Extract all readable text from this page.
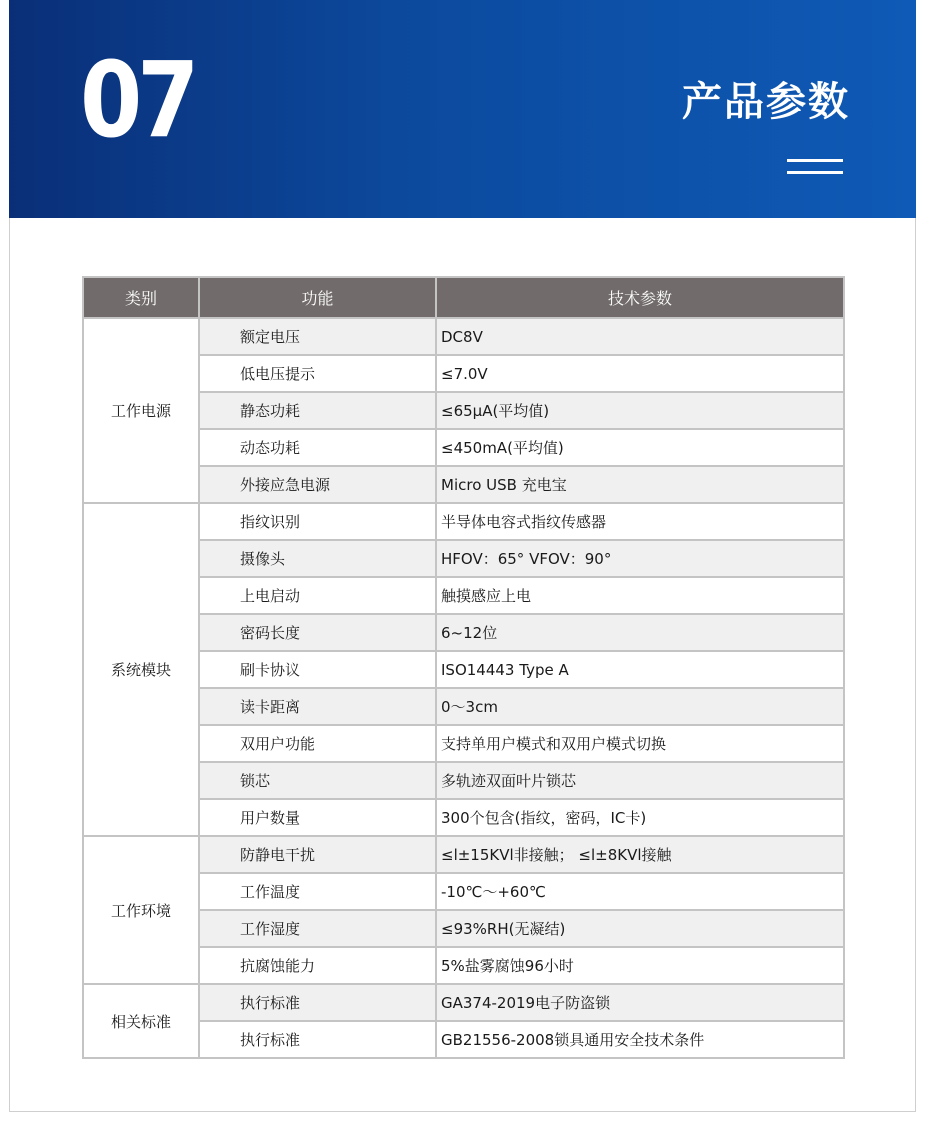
07	产品参数
类别	功能	技术参数
工作电源	额定电压	DC8V
	低电压提示	≤7.0V
	静态功耗	≤65μA(平均值)
	动态功耗	≤450mA(平均值)
	外接应急电源	Micro USB 充电宝
系统模块	指纹识别	半导体电容式指纹传感器
	摄像头	HFOV：65° VFOV：90°
	上电启动	触摸感应上电
	密码长度	6~12位
	刷卡协议	ISO14443 Type A
	读卡距离	0～3cm
	双用户功能	支持单用户模式和双用户模式切换
	锁芯	多轨迹双面叶片锁芯
	用户数量	300个包含(指纹，密码，IC卡)
工作环境	防静电干扰	≤l±15KVl非接触； ≤l±8KVl接触
	工作温度	-10℃～+60℃
	工作湿度	≤93%RH(无凝结)
	抗腐蚀能力	5%盐雾腐蚀96小时
相关标准	执行标准	GA374-2019电子防盗锁
	执行标准	GB21556-2008锁具通用安全技术条件
